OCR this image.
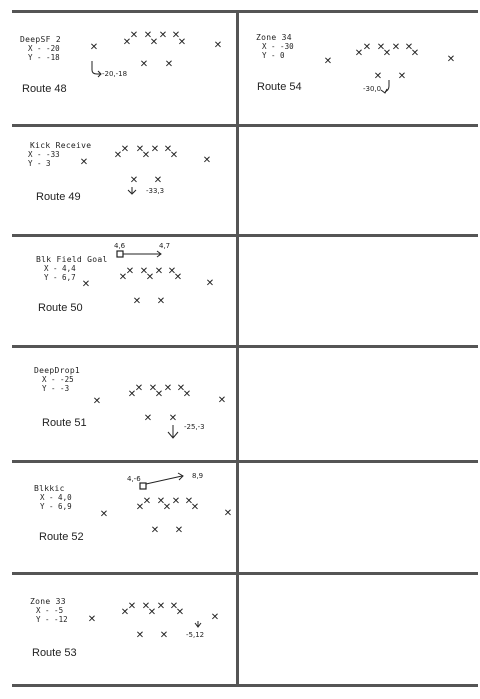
DeepSF 2
X - -20
Y - -18
Route 48
✕ ✕
✕ ✕
✕
✕ ✕
✕	✕
✕ ✕
-20,-18
Zone 34
X - -30
Y - 0
Route 54
✕
✕
✕ ✕
✕
✕ ✕
✕
✕
✕ ✕
-30,0
Kick Receive
X - -33
Y - 3
Route 49
✕
✕
✕ ✕
✕
✕ ✕
✕ ✕
✕ ✕
-33,3
4,6	4,7
Blk Field Goal
X - 4,4
Y - 6,7
Route 50
✕
✕
✕ ✕
✕
✕ ✕
✕
✕
✕ ✕
DeepDrop1
X - -25
Y - -3
Route 51
✕
✕
✕ ✕
✕
✕ ✕
✕
✕
✕ ✕
-25,-3
4,-6	8,9
Blkkic
X - 4,0
Y - 6,9
Route 52
✕
✕
✕ ✕
✕
✕ ✕
✕
✕
✕ ✕
Zone 33
X - -5
Y - -12
Route 53
✕
✕
✕ ✕
✕
✕ ✕
✕	✕
✕ ✕	-5,12
